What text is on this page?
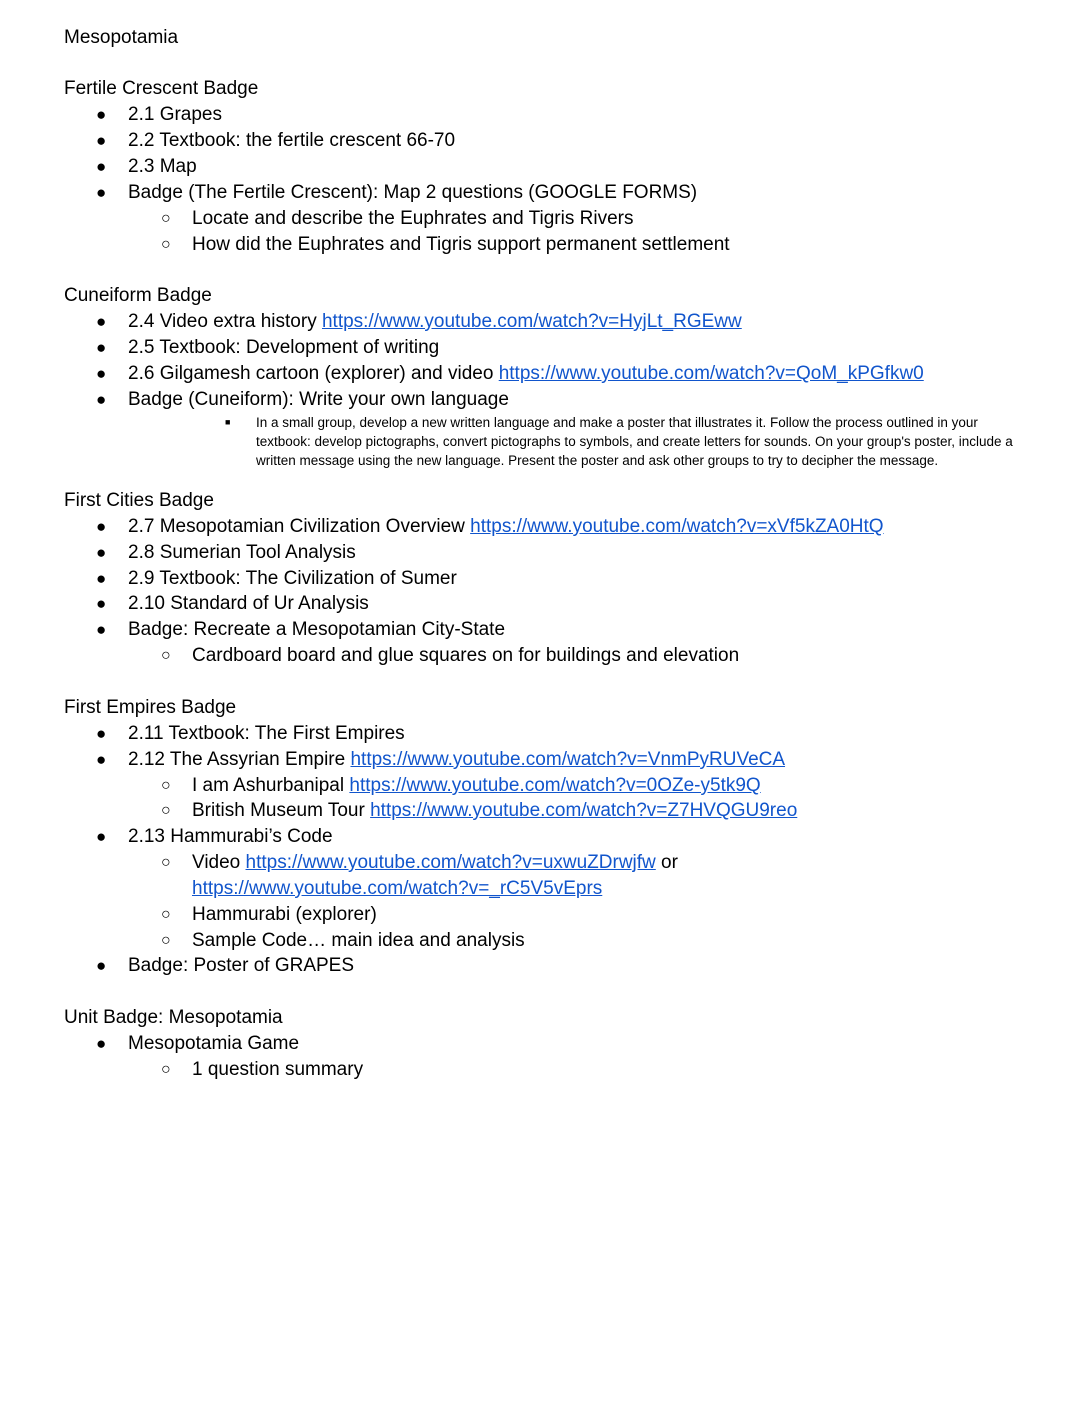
Mesopotamia
Fertile Crescent Badge
● 2.1 Grapes
● 2.2 Textbook: the fertile crescent 66-70
● 2.3 Map
● Badge (The Fertile Crescent): Map 2 questions (GOOGLE FORMS)
○ Locate and describe the Euphrates and Tigris Rivers
○ How did the Euphrates and Tigris support permanent settlement
Cuneiform Badge
● 2.4 Video extra history https://www.youtube.com/watch?v=HyjLt_RGEww
● 2.5 Textbook: Development of writing
● 2.6 Gilgamesh cartoon (explorer) and video https://www.youtube.com/watch?v=QoM_kPGfkw0
● Badge (Cuneiform): Write your own language
■ In a small group, develop a new written language and make a poster that illustrates it. Follow the process outlined in your textbook: develop pictographs, convert pictographs to symbols, and create letters for sounds. On your group's poster, include a written message using the new language. Present the poster and ask other groups to try to decipher the message.
First Cities Badge
● 2.7 Mesopotamian Civilization Overview https://www.youtube.com/watch?v=xVf5kZA0HtQ
● 2.8 Sumerian Tool Analysis
● 2.9 Textbook: The Civilization of Sumer
● 2.10 Standard of Ur Analysis
● Badge: Recreate a Mesopotamian City-State
○ Cardboard board and glue squares on for buildings and elevation
First Empires Badge
● 2.11 Textbook: The First Empires
● 2.12 The Assyrian Empire https://www.youtube.com/watch?v=VnmPyRUVeCA
○ I am Ashurbanipal https://www.youtube.com/watch?v=0OZe-y5tk9Q
○ British Museum Tour https://www.youtube.com/watch?v=Z7HVQGU9reo
● 2.13 Hammurabi’s Code
○ Video https://www.youtube.com/watch?v=uxwuZDrwjfw or
https://www.youtube.com/watch?v=_rC5V5vEprs
○ Hammurabi (explorer)
○ Sample Code… main idea and analysis
● Badge: Poster of GRAPES
Unit Badge: Mesopotamia
● Mesopotamia Game
○ 1 question summary
